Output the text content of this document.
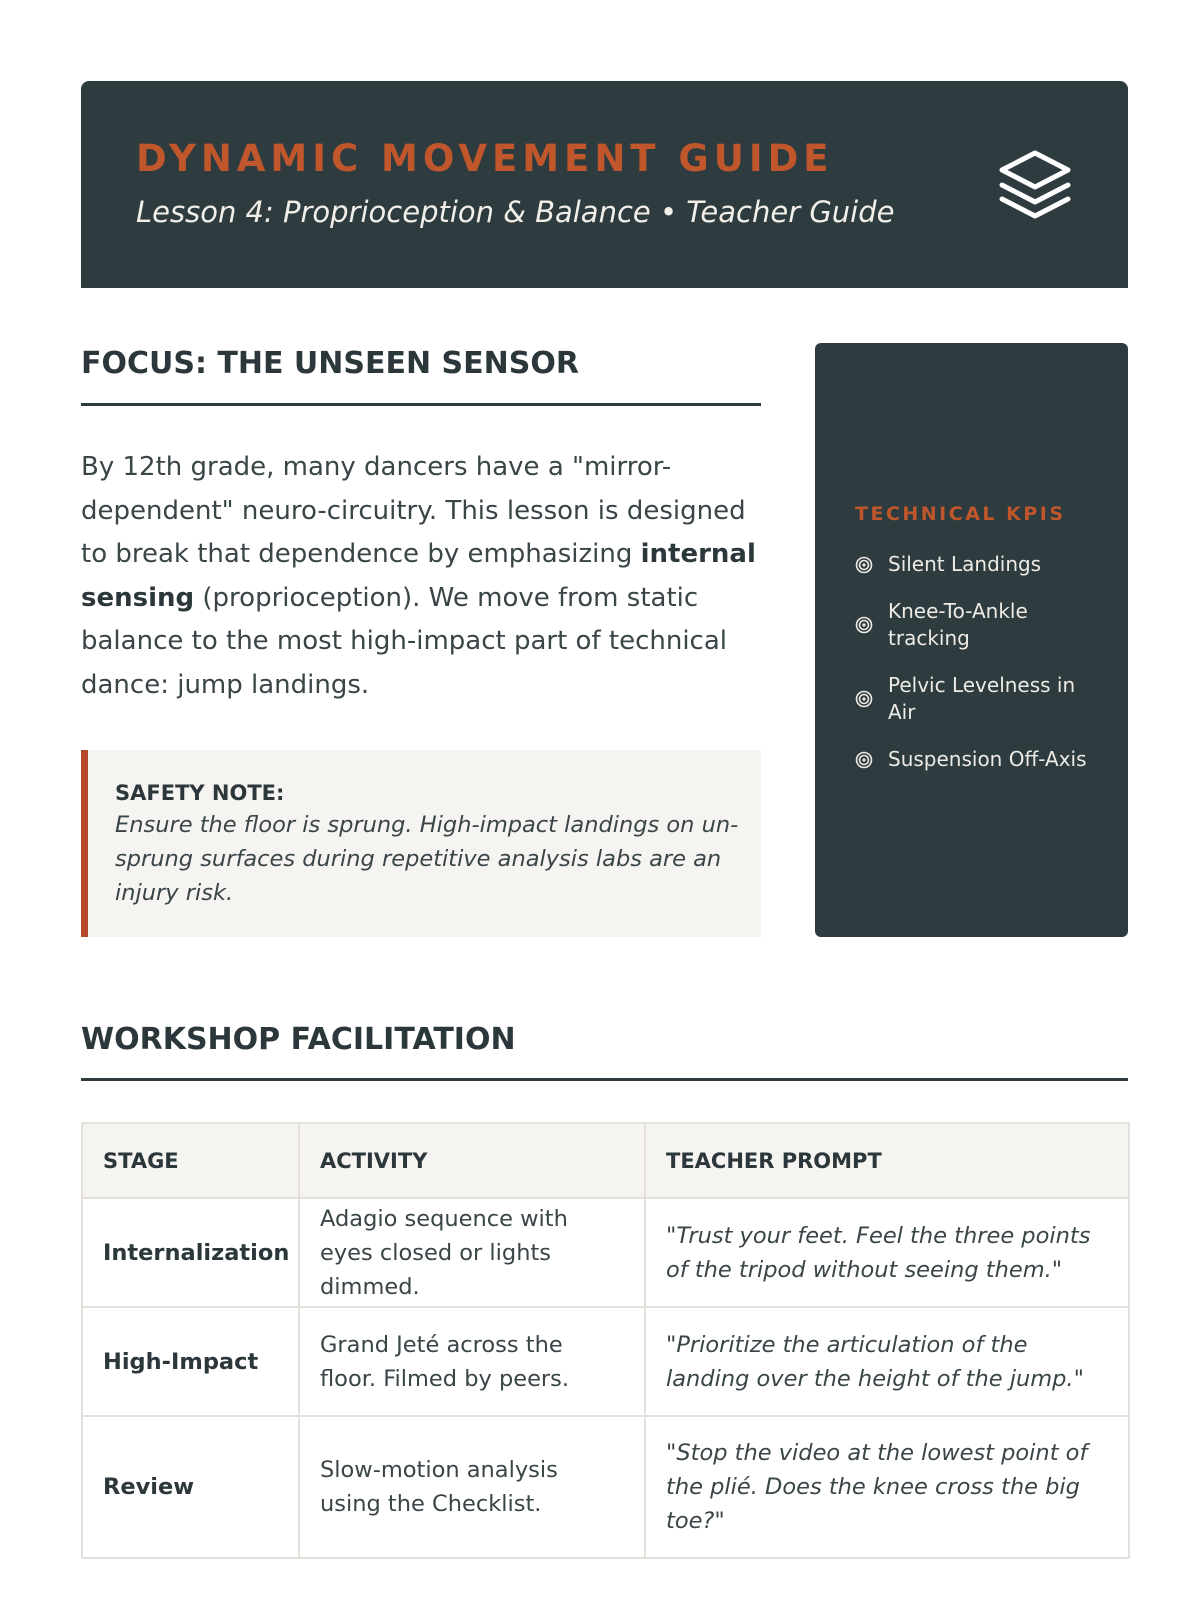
DYNAMIC MOVEMENT GUIDE
Lesson 4: Proprioception & Balance • Teacher Guide
FOCUS: THE UNSEEN SENSOR

By 12th grade, many dancers have a "mirror-dependent" neuro-circuitry. This lesson is designed to break that dependence by emphasizing internal sensing (proprioception). We move from static balance to the most high-impact part of technical dance: jump landings.

SAFETY NOTE:
Ensure the floor is sprung. High-impact landings on un-sprung surfaces during repetitive analysis labs are an injury risk.
TECHNICAL KPIS
Silent Landings
Knee-To-Ankle tracking
Pelvic Levelness in Air
Suspension Off-Axis
WORKSHOP FACILITATION
STAGE	ACTIVITY	TEACHER PROMPT
Internalization	Adagio sequence with eyes closed or lights dimmed.	"Trust your feet. Feel the three points of the tripod without seeing them."
High-Impact	Grand Jeté across the floor. Filmed by peers.	"Prioritize the articulation of the landing over the height of the jump."
Review	Slow-motion analysis using the Checklist.	"Stop the video at the lowest point of the plié. Does the knee cross the big toe?"
